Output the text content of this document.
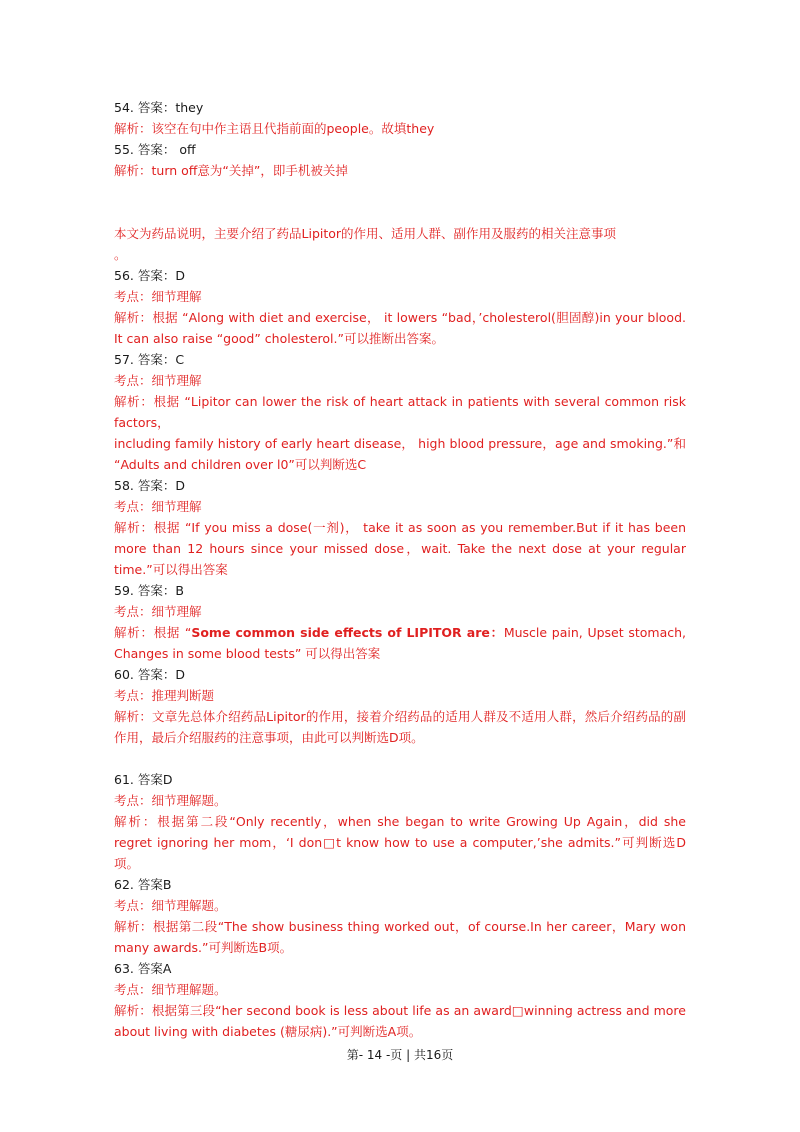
54. 答案：they
解析：该空在句中作主语且代指前面的people。故填they
55. 答案： off
解析：turn off意为“关掉”，即手机被关掉
本文为药品说明，主要介绍了药品Lipitor的作用、适用人群、副作用及服药的相关注意事项
。
56. 答案：D
考点：细节理解
解析：根据 “Along with diet and exercise， it lowers “bad，’cholesterol(胆固醇)in your blood. It can also raise “good” cholesterol.”可以推断出答案。
57. 答案：C
考点：细节理解
解析：根据 “Lipitor can lower the risk of heart attack in patients with several common risk factors，
including family history of early heart disease， high blood pressure，age and smoking.”和 “Adults and children over l0”可以判断选C
58. 答案：D
考点：细节理解
解析：根据 “If you miss a dose(一剂)， take it as soon as you remember.But if it has been more than 12 hours since your missed dose，wait. Take the next dose at your regular time.”可以得出答案
59. 答案：B
考点：细节理解
解析：根据 “Some common side effects of LIPITOR are：Muscle pain, Upset stomach, Changes in some blood tests” 可以得出答案
60. 答案：D
考点：推理判断题
解析：文章先总体介绍药品Lipitor的作用，接着介绍药品的适用人群及不适用人群，然后介绍药品的副作用，最后介绍服药的注意事项，由此可以判断选D项。
61. 答案D
考点：细节理解题。
解析：根据第二段“Only recently，when she began to write Growing Up Again，did she regret ignoring her mom，‘I don□t know how to use a computer,’she admits.”可判断选D项。
62. 答案B
考点：细节理解题。
解析：根据第二段“The show business thing worked out，of course.In her career，Mary won many awards.”可判断选B项。
63. 答案A
考点：细节理解题。
解析：根据第三段“her second book is less about life as an award□winning actress and more about living with diabetes (糖尿病).”可判断选A项。
第- 14 -页 | 共16页
